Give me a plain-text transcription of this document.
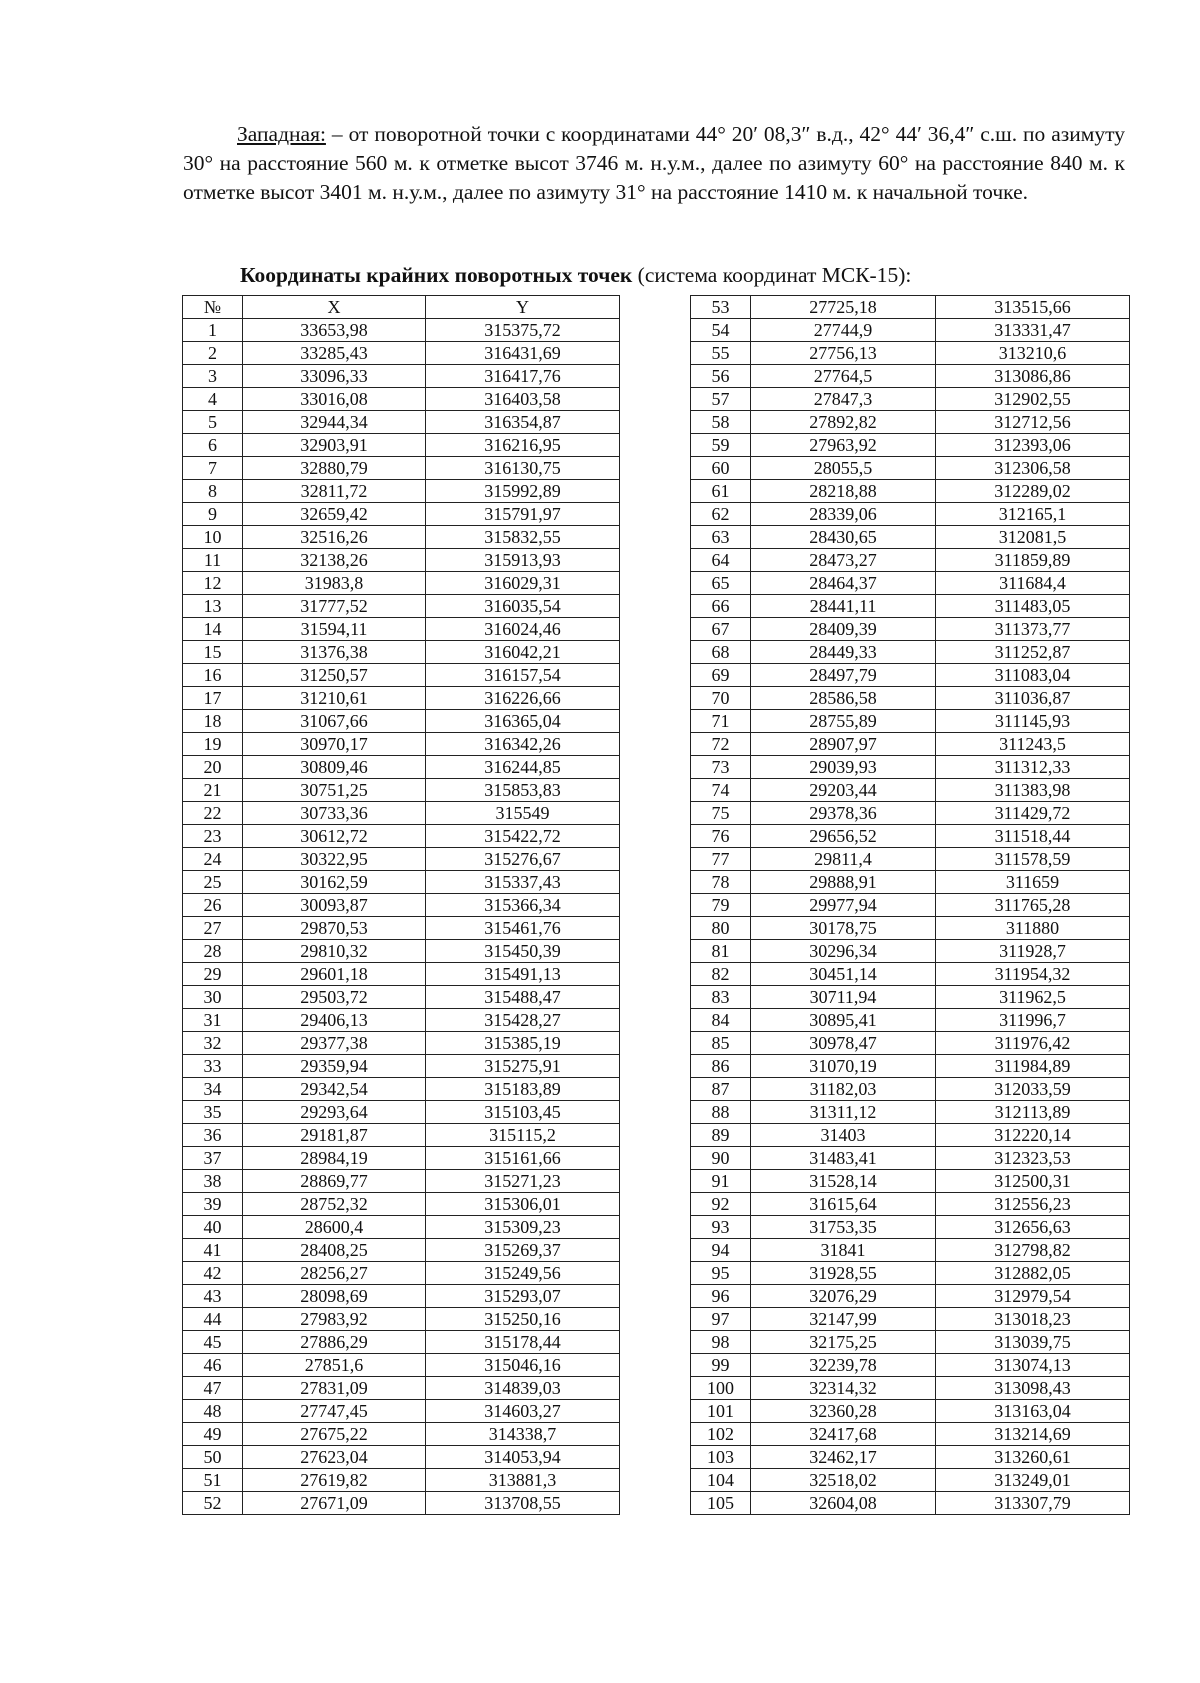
Западная: – от поворотной точки с координатами 44° 20′ 08,3″ в.д., 42° 44′ 36,4″ с.ш. по азимуту 30° на расстояние 560 м. к отметке высот 3746 м. н.у.м., далее по азимуту 60° на расстояние 840 м. к отметке высот 3401 м. н.у.м., далее по азимуту 31° на расстояние 1410 м. к начальной точке.

Координаты крайних поворотных точек (система координат МСК-15):

№	X	Y
1	33653,98	315375,72
2	33285,43	316431,69
3	33096,33	316417,76
4	33016,08	316403,58
5	32944,34	316354,87
6	32903,91	316216,95
7	32880,79	316130,75
8	32811,72	315992,89
9	32659,42	315791,97
10	32516,26	315832,55
11	32138,26	315913,93
12	31983,8	316029,31
13	31777,52	316035,54
14	31594,11	316024,46
15	31376,38	316042,21
16	31250,57	316157,54
17	31210,61	316226,66
18	31067,66	316365,04
19	30970,17	316342,26
20	30809,46	316244,85
21	30751,25	315853,83
22	30733,36	315549
23	30612,72	315422,72
24	30322,95	315276,67
25	30162,59	315337,43
26	30093,87	315366,34
27	29870,53	315461,76
28	29810,32	315450,39
29	29601,18	315491,13
30	29503,72	315488,47
31	29406,13	315428,27
32	29377,38	315385,19
33	29359,94	315275,91
34	29342,54	315183,89
35	29293,64	315103,45
36	29181,87	315115,2
37	28984,19	315161,66
38	28869,77	315271,23
39	28752,32	315306,01
40	28600,4	315309,23
41	28408,25	315269,37
42	28256,27	315249,56
43	28098,69	315293,07
44	27983,92	315250,16
45	27886,29	315178,44
46	27851,6	315046,16
47	27831,09	314839,03
48	27747,45	314603,27
49	27675,22	314338,7
50	27623,04	314053,94
51	27619,82	313881,3
52	27671,09	313708,55
53	27725,18	313515,66
54	27744,9	313331,47
55	27756,13	313210,6
56	27764,5	313086,86
57	27847,3	312902,55
58	27892,82	312712,56
59	27963,92	312393,06
60	28055,5	312306,58
61	28218,88	312289,02
62	28339,06	312165,1
63	28430,65	312081,5
64	28473,27	311859,89
65	28464,37	311684,4
66	28441,11	311483,05
67	28409,39	311373,77
68	28449,33	311252,87
69	28497,79	311083,04
70	28586,58	311036,87
71	28755,89	311145,93
72	28907,97	311243,5
73	29039,93	311312,33
74	29203,44	311383,98
75	29378,36	311429,72
76	29656,52	311518,44
77	29811,4	311578,59
78	29888,91	311659
79	29977,94	311765,28
80	30178,75	311880
81	30296,34	311928,7
82	30451,14	311954,32
83	30711,94	311962,5
84	30895,41	311996,7
85	30978,47	311976,42
86	31070,19	311984,89
87	31182,03	312033,59
88	31311,12	312113,89
89	31403	312220,14
90	31483,41	312323,53
91	31528,14	312500,31
92	31615,64	312556,23
93	31753,35	312656,63
94	31841	312798,82
95	31928,55	312882,05
96	32076,29	312979,54
97	32147,99	313018,23
98	32175,25	313039,75
99	32239,78	313074,13
100	32314,32	313098,43
101	32360,28	313163,04
102	32417,68	313214,69
103	32462,17	313260,61
104	32518,02	313249,01
105	32604,08	313307,79
